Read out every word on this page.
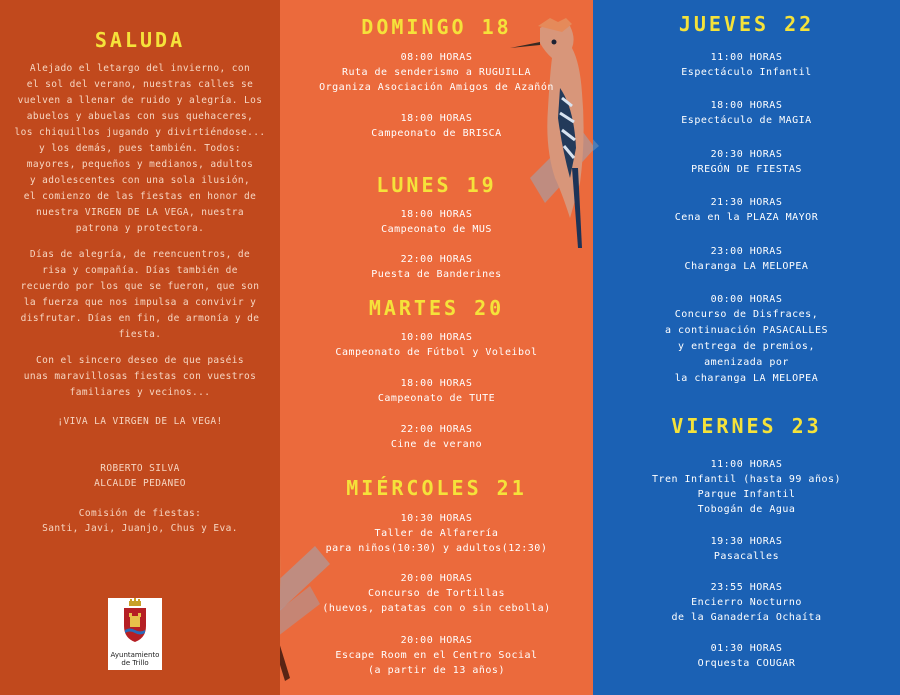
SALUDA
Alejado el letargo del invierno, con
el sol del verano, nuestras calles se
vuelven a llenar de ruido y alegría. Los
abuelos y abuelas con sus quehaceres,
los chiquillos jugando y divirtiéndose...
y los demás, pues también. Todos:
mayores, pequeños y medianos, adultos
y adolescentes con una sola ilusión,
el comienzo de las fiestas en honor de
nuestra VIRGEN DE LA VEGA, nuestra
patrona y protectora.
Días de alegría, de reencuentros, de
risa y compañía. Días también de
recuerdo por los que se fueron, que son
la fuerza que nos impulsa a convivir y
disfrutar. Días en fin, de armonía y de
fiesta.
Con el sincero deseo de que paséis
unas maravillosas fiestas con vuestros
familiares y vecinos...
¡VIVA LA VIRGEN DE LA VEGA!
ROBERTO SILVA
ALCALDE PEDANEO
Comisión de fiestas:
Santi, Javi, Juanjo, Chus y Eva.
Ayuntamiento
de Trillo
DOMINGO 18
08:00 HORAS
Ruta de senderismo a RUGUILLA
Organiza Asociación Amigos de Azañón
18:00 HORAS
Campeonato de BRISCA
LUNES 19
18:00 HORAS
Campeonato de MUS
22:00 HORAS
Puesta de Banderines
MARTES 20
10:00 HORAS
Campeonato de Fútbol y Voleibol
18:00 HORAS
Campeonato de TUTE
22:00 HORAS
Cine de verano
MIÉRCOLES 21
10:30 HORAS
Taller de Alfarería
para niños(10:30) y adultos(12:30)
20:00 HORAS
Concurso de Tortillas
(huevos, patatas con o sin cebolla)
20:00 HORAS
Escape Room en el Centro Social
(a partir de 13 años)
JUEVES 22
11:00 HORAS
Espectáculo Infantil
18:00 HORAS
Espectáculo de MAGIA
20:30 HORAS
PREGÓN DE FIESTAS
21:30 HORAS
Cena en la PLAZA MAYOR
23:00 HORAS
Charanga LA MELOPEA
00:00 HORAS
Concurso de Disfraces,
a continuación PASACALLES
y entrega de premios,
amenizada por
la charanga LA MELOPEA
VIERNES 23
11:00 HORAS
Tren Infantil (hasta 99 años)
Parque Infantil
Tobogán de Agua
19:30 HORAS
Pasacalles
23:55 HORAS
Encierro Nocturno
de la Ganadería Ochaíta
01:30 HORAS
Orquesta COUGAR
